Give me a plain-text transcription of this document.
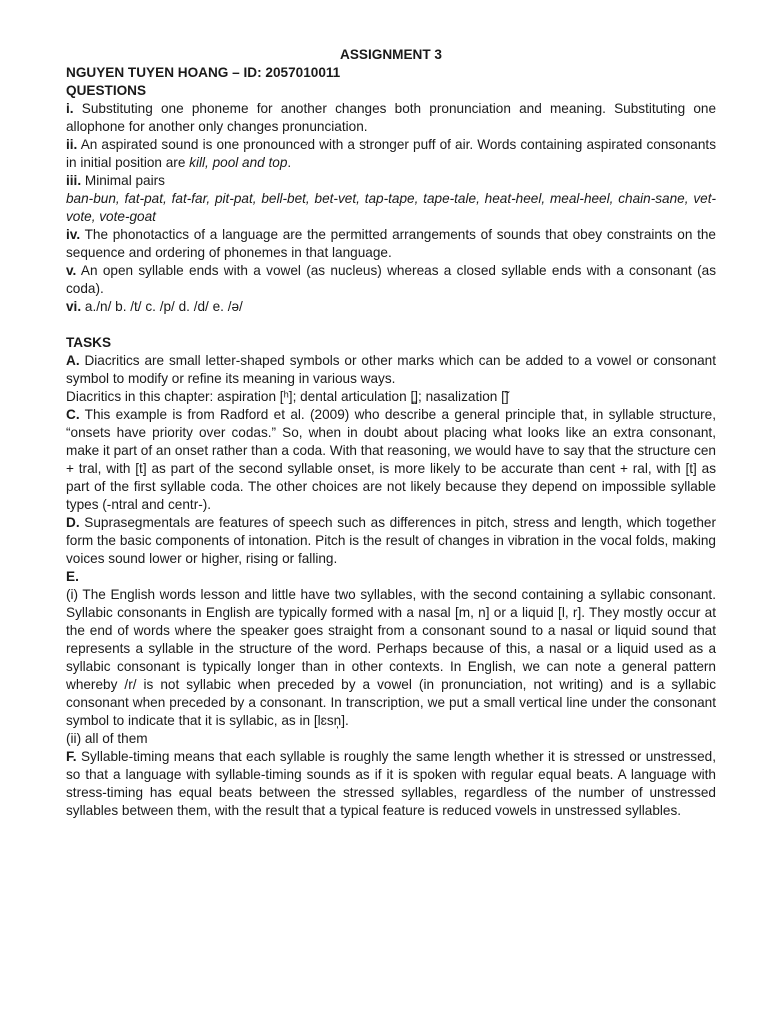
ASSIGNMENT 3

NGUYEN TUYEN HOANG – ID: 2057010011

QUESTIONS

i. Substituting one phoneme for another changes both pronunciation and meaning. Substituting one allophone for another only changes pronunciation.

ii. An aspirated sound is one pronounced with a stronger puff of air. Words containing aspirated consonants in initial position are kill, pool and top.

iii. Minimal pairs

ban-bun, fat-pat, fat-far, pit-pat, bell-bet, bet-vet, tap-tape, tape-tale, heat-heel, meal-heel, chain-sane, vet-vote, vote-goat

iv. The phonotactics of a language are the permitted arrangements of sounds that obey constraints on the sequence and ordering of phonemes in that language.

v. An open syllable ends with a vowel (as nucleus) whereas a closed syllable ends with a consonant (as coda).

vi. a./n/ b. /t/ c. /p/ d. /d/ e. /ə/

TASKS

A. Diacritics are small letter-shaped symbols or other marks which can be added to a vowel or consonant symbol to modify or refine its meaning in various ways.

Diacritics in this chapter: aspiration [ʰ]; dental articulation [̪]; nasalization [̃]

C. This example is from Radford et al. (2009) who describe a general principle that, in syllable structure, “onsets have priority over codas.” So, when in doubt about placing what looks like an extra consonant, make it part of an onset rather than a coda. With that reasoning, we would have to say that the structure cen + tral, with [t] as part of the second syllable onset, is more likely to be accurate than cent + ral, with [t] as part of the first syllable coda. The other choices are not likely because they depend on impossible syllable types (-ntral and centr-).

D. Suprasegmentals are features of speech such as differences in pitch, stress and length, which together form the basic components of intonation. Pitch is the result of changes in vibration in the vocal folds, making voices sound lower or higher, rising or falling.

E.

(i) The English words lesson and little have two syllables, with the second containing a syllabic consonant. Syllabic consonants in English are typically formed with a nasal [m, n] or a liquid [l, r]. They mostly occur at the end of words where the speaker goes straight from a consonant sound to a nasal or liquid sound that represents a syllable in the structure of the word. Perhaps because of this, a nasal or a liquid used as a syllabic consonant is typically longer than in other contexts. In English, we can note a general pattern whereby /r/ is not syllabic when preceded by a vowel (in pronunciation, not writing) and is a syllabic consonant when preceded by a consonant. In transcription, we put a small vertical line under the consonant symbol to indicate that it is syllabic, as in [lɛsn̩].

(ii) all of them

F. Syllable-timing means that each syllable is roughly the same length whether it is stressed or unstressed, so that a language with syllable-timing sounds as if it is spoken with regular equal beats. A language with stress-timing has equal beats between the stressed syllables, regardless of the number of unstressed syllables between them, with the result that a typical feature is reduced vowels in unstressed syllables.
